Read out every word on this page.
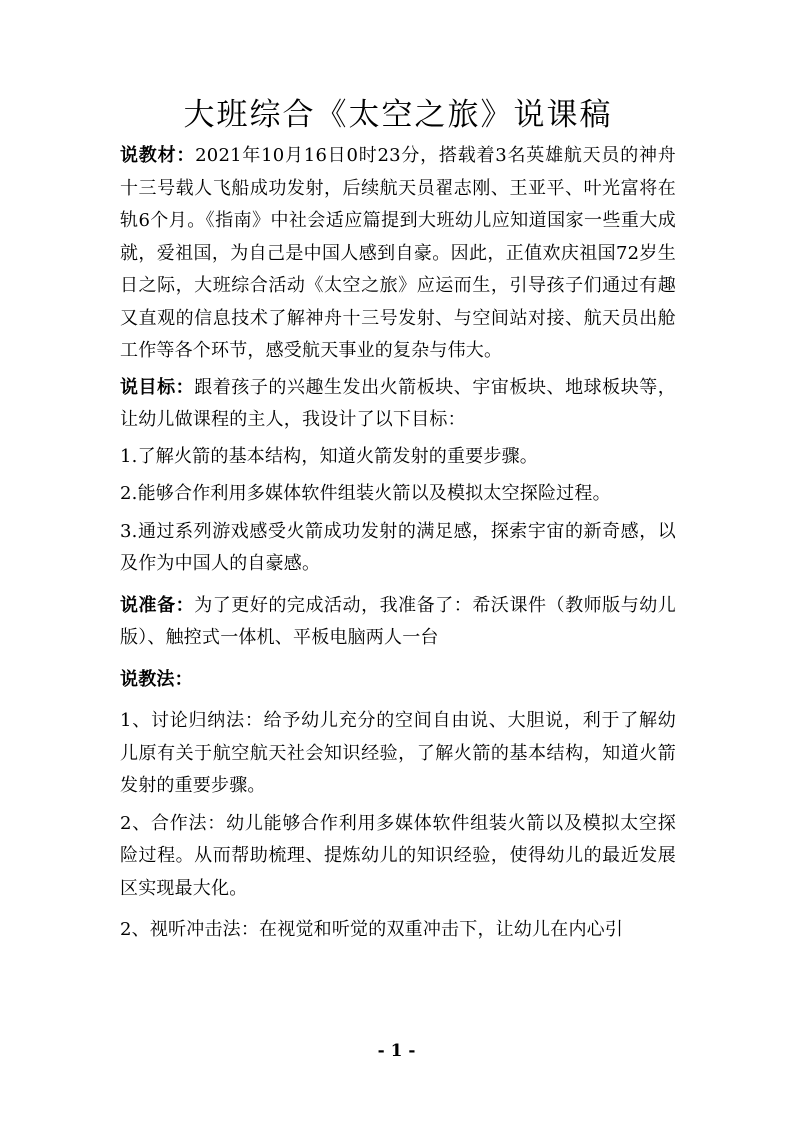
大班综合《太空之旅》说课稿

说教材：2021年10月16日0时23分，搭载着3名英雄航天员的神舟十三号载人飞船成功发射，后续航天员翟志刚、王亚平、叶光富将在轨6个月。《指南》中社会适应篇提到大班幼儿应知道国家一些重大成就，爱祖国，为自己是中国人感到自豪。因此，正值欢庆祖国72岁生日之际，大班综合活动《太空之旅》应运而生，引导孩子们通过有趣又直观的信息技术了解神舟十三号发射、与空间站对接、航天员出舱工作等各个环节，感受航天事业的复杂与伟大。

说目标：跟着孩子的兴趣生发出火箭板块、宇宙板块、地球板块等，让幼儿做课程的主人，我设计了以下目标：

1.了解火箭的基本结构，知道火箭发射的重要步骤。

2.能够合作利用多媒体软件组装火箭以及模拟太空探险过程。

3.通过系列游戏感受火箭成功发射的满足感，探索宇宙的新奇感，以及作为中国人的自豪感。

说准备：为了更好的完成活动，我准备了：希沃课件（教师版与幼儿版）、触控式一体机、平板电脑两人一台

说教法：

1、讨论归纳法：给予幼儿充分的空间自由说、大胆说，利于了解幼儿原有关于航空航天社会知识经验，了解火箭的基本结构，知道火箭发射的重要步骤。

2、合作法：幼儿能够合作利用多媒体软件组装火箭以及模拟太空探险过程。从而帮助梳理、提炼幼儿的知识经验，使得幼儿的最近发展区实现最大化。

2、视听冲击法：在视觉和听觉的双重冲击下，让幼儿在内心引

- 1 -
